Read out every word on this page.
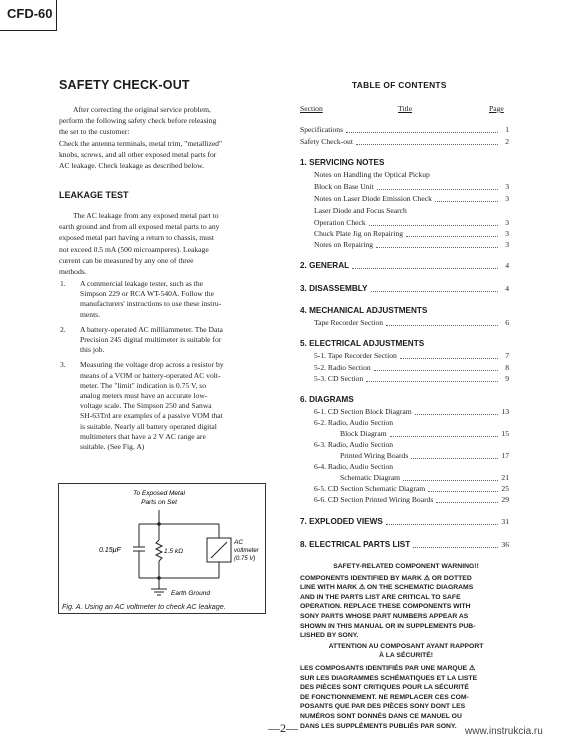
CFD-60
SAFETY CHECK-OUT
After correcting the original service problem,
perform the following safety check before releasing
the set to the customer:
Check the antenna terminals, metal trim, "metallized"
knobs, screws, and all other exposed metal parts for
AC leakage. Check leakage as described below.
LEAKAGE TEST
The AC leakage from any exposed metal part to
earth ground and from all exposed metal parts to any
exposed metal part having a return to chassis, must
not exceed 0.5 mA (500 microamperes). Leakage
current can be measured by any one of three
methods.
1. A commercial leakage tester, such as the
Simpson 229 or RCA WT-540A. Follow the
manufacturers' instructions to use these instru-
ments.
2. A battery-operated AC milliammeter. The Data
Precision 245 digital multimeter is suitable for
this job.
3. Measuring the voltage drop across a resistor by
means of a VOM or battery-operated AC volt-
meter. The "limit" indication is 0.75 V, so
analog meters must have an accurate low-
voltage scale. The Simpson 250 and Sanwa
SH-63Trd are examples of a passive VOM that
is suitable. Nearly all battery operated digital
multimeters that have a 2 V AC range are
suitable. (See Fig. A)
To Exposed Metal
Parts on Set
0.15μF	1.5 kΩ
AC
voltmeter
(0.75 V)
Earth Ground
Fig. A. Using an AC voltmeter to check AC leakage.
TABLE OF CONTENTS
Section	Title	Page
Specifications	1
Safety Check-out	2
1. SERVICING NOTES
Notes on Handling the Optical Pickup
Block on Base Unit	3
Notes on Laser Diode Emission Check	3
Laser Diode and Focus Search
Operation Check	3
Chuck Plate Jig on Repairing	3
Notes on Repairing	3
2. GENERAL	4
3. DISASSEMBLY	4
4. MECHANICAL ADJUSTMENTS
Tape Recorder Section	6
5. ELECTRICAL ADJUSTMENTS
5-1. Tape Recorder Section	7
5-2. Radio Section	8
5-3. CD Section	9
6. DIAGRAMS
6-1. CD Section Block Diagram	13
6-2. Radio, Audio Section
Block Diagram	15
6-3. Radio, Audio Section
Printed Wiring Boards	17
6-4. Radio, Audio Section
Schematic Diagram	21
6-5. CD Section Schematic Diagram	25
6-6. CD Section Printed Wiring Boards	29
7. EXPLODED VIEWS	31
8. ELECTRICAL PARTS LIST	36
SAFETY-RELATED COMPONENT WARNING!!
COMPONENTS IDENTIFIED BY MARK ⚠ OR DOTTED
LINE WITH MARK ⚠ ON THE SCHEMATIC DIAGRAMS
AND IN THE PARTS LIST ARE CRITICAL TO SAFE
OPERATION. REPLACE THESE COMPONENTS WITH
SONY PARTS WHOSE PART NUMBERS APPEAR AS
SHOWN IN THIS MANUAL OR IN SUPPLEMENTS PUB-
LISHED BY SONY.
ATTENTION AU COMPOSANT AYANT RAPPORT
À LA SÉCURITÉ!
LES COMPOSANTS IDENTIFIÉS PAR UNE MARQUE ⚠
SUR LES DIAGRAMMES SCHÉMATIQUES ET LA LISTE
DES PIÈCES SONT CRITIQUES POUR LA SÉCURITÉ
DE FONCTIONNEMENT. NE REMPLACER CES COM-
POSANTS QUE PAR DES PIÈCES SONY DONT LES
NUMÉROS SONT DONNÉS DANS CE MANUEL OU
DANS LES SUPPLÉMENTS PUBLIÉS PAR SONY.
—2—	www.instrukcia.ru
